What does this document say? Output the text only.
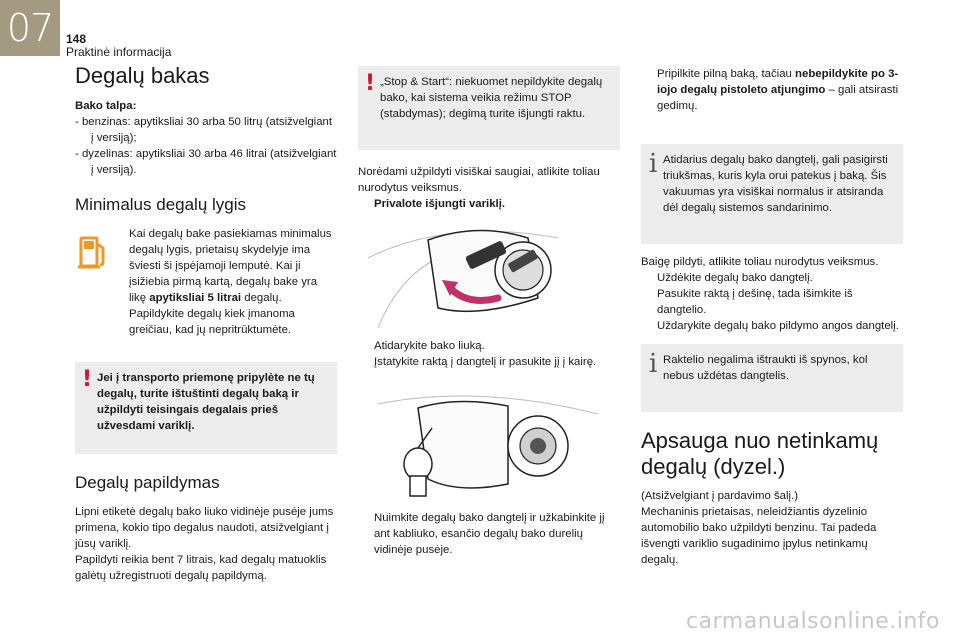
07	148
Praktinė informacija
Degalų bakas

Bako talpa:

- benzinas: apytiksliai 30 arba 50 litrų (atsižvelgiant į versiją);

- dyzelinas: apytiksliai 30 arba 46 litrai (atsižvelgiant į versiją).

Minimalus degalų lygis

Kai degalų bake pasiekiamas minimalus degalų lygis, prietaisų skydelyje ima šviesti ši įspėjamoji lemputė. Kai ji įsižiebia pirmą kartą, degalų bake yra likę apytiksliai 5 litrai degalų.

Papildykite degalų kiek įmanoma greičiau, kad jų nepritrūktumėte.

! Jei į transporto priemonę pripylėte ne tų degalų, turite ištuštinti degalų baką ir užpildyti teisingais degalais prieš užvesdami variklį.

Degalų papildymas

Lipni etiketė degalų bako liuko vidinėje pusėje jums primena, kokio tipo degalus naudoti, atsižvelgiant į jūsų variklį.

Papildyti reikia bent 7 litrais, kad degalų matuoklis galėtų užregistruoti degalų papildymą.

! „Stop & Start“: niekuomet nepildykite degalų bako, kai sistema veikia režimu STOP (stabdymas); degimą turite išjungti raktu.

Norėdami užpildyti visiškai saugiai, atlikite toliau nurodytus veiksmus.

Privalote išjungti variklį.

Atidarykite bako liuką.

Įstatykite raktą į dangtelį ir pasukite jį į kairę.

Nuimkite degalų bako dangtelį ir užkabinkite jį ant kabliuko, esančio degalų bako durelių vidinėje pusėje.

Pripilkite pilną baką, tačiau nebepildykite po 3-iojo degalų pistoleto atjungimo – gali atsirasti gedimų.

i Atidarius degalų bako dangtelį, gali pasigirsti triukšmas, kuris kyla orui patekus į baką. Šis vakuumas yra visiškai normalus ir atsiranda dėl degalų sistemos sandarinimo.

Baigę pildyti, atlikite toliau nurodytus veiksmus.

Uždėkite degalų bako dangtelį.

Pasukite raktą į dešinę, tada išimkite iš dangtelio.

Uždarykite degalų bako pildymo angos dangtelį.

i Raktelio negalima ištraukti iš spynos, kol nebus uždėtas dangtelis.

Apsauga nuo netinkamų degalų (dyzel.)

(Atsižvelgiant į pardavimo šalį.)

Mechaninis prietaisas, neleidžiantis dyzelinio automobilio bako užpildyti benzinu. Tai padeda išvengti variklio sugadinimo įpylus netinkamų degalų.

carmanualsonline.info
